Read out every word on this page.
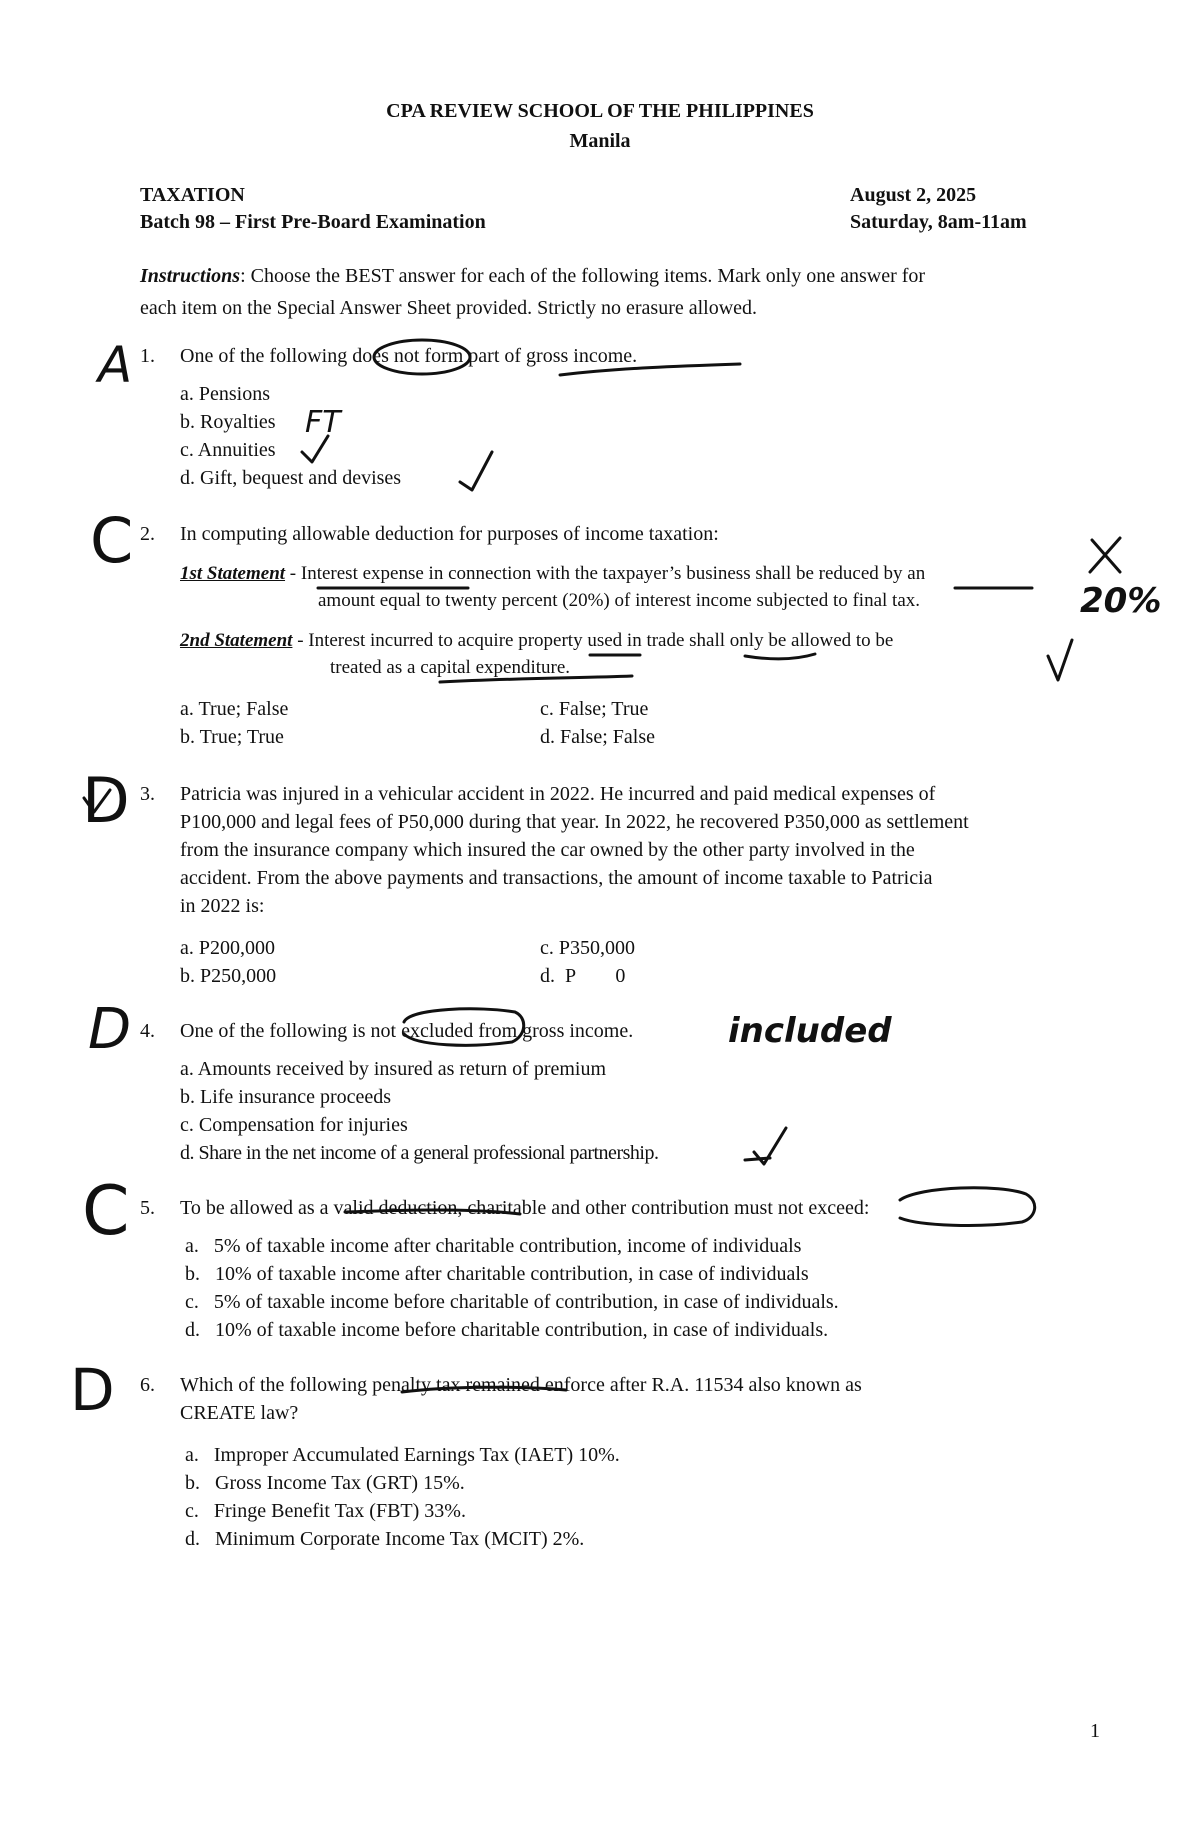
CPA REVIEW SCHOOL OF THE PHILIPPINES
Manila
TAXATION	August 2, 2025
Batch 98 – First Pre-Board Examination	Saturday, 8am-11am
Instructions: Choose the BEST answer for each of the following items. Mark only one answer for
each item on the Special Answer Sheet provided. Strictly no erasure allowed.
1. One of the following does not form part of gross income.
a. Pensions
b. Royalties
c. Annuities
d. Gift, bequest and devises
2. In computing allowable deduction for purposes of income taxation:
1st Statement - Interest expense in connection with the taxpayer’s business shall be reduced by an
amount equal to twenty percent (20%) of interest income subjected to final tax.
2nd Statement - Interest incurred to acquire property used in trade shall only be allowed to be
treated as a capital expenditure.
a. True; False
b. True; True
c. False; True
d. False; False
3. Patricia was injured in a vehicular accident in 2022. He incurred and paid medical expenses of
P100,000 and legal fees of P50,000 during that year. In 2022, he recovered P350,000 as settlement
from the insurance company which insured the car owned by the other party involved in the
accident. From the above payments and transactions, the amount of income taxable to Patricia
in 2022 is:
a. P200,000
b. P250,000
c. P350,000
d. P        0
4. One of the following is not excluded from gross income.
a. Amounts received by insured as return of premium
b. Life insurance proceeds
c. Compensation for injuries
d. Share in the net income of a general professional partnership.
5. To be allowed as a valid deduction, charitable and other contribution must not exceed:
a. 5% of taxable income after charitable contribution, income of individuals
b. 10% of taxable income after charitable contribution, in case of individuals
c. 5% of taxable income before charitable of contribution, in case of individuals.
d. 10% of taxable income before charitable contribution, in case of individuals.
6. Which of the following penalty tax remained enforce after R.A. 11534 also known as
CREATE law?
a. Improper Accumulated Earnings Tax (IAET) 10%.
b. Gross Income Tax (GRT) 15%.
c. Fringe Benefit Tax (FBT) 33%.
d. Minimum Corporate Income Tax (MCIT) 2%.
1
A
C
D
D
C
D
FT
20%
included
